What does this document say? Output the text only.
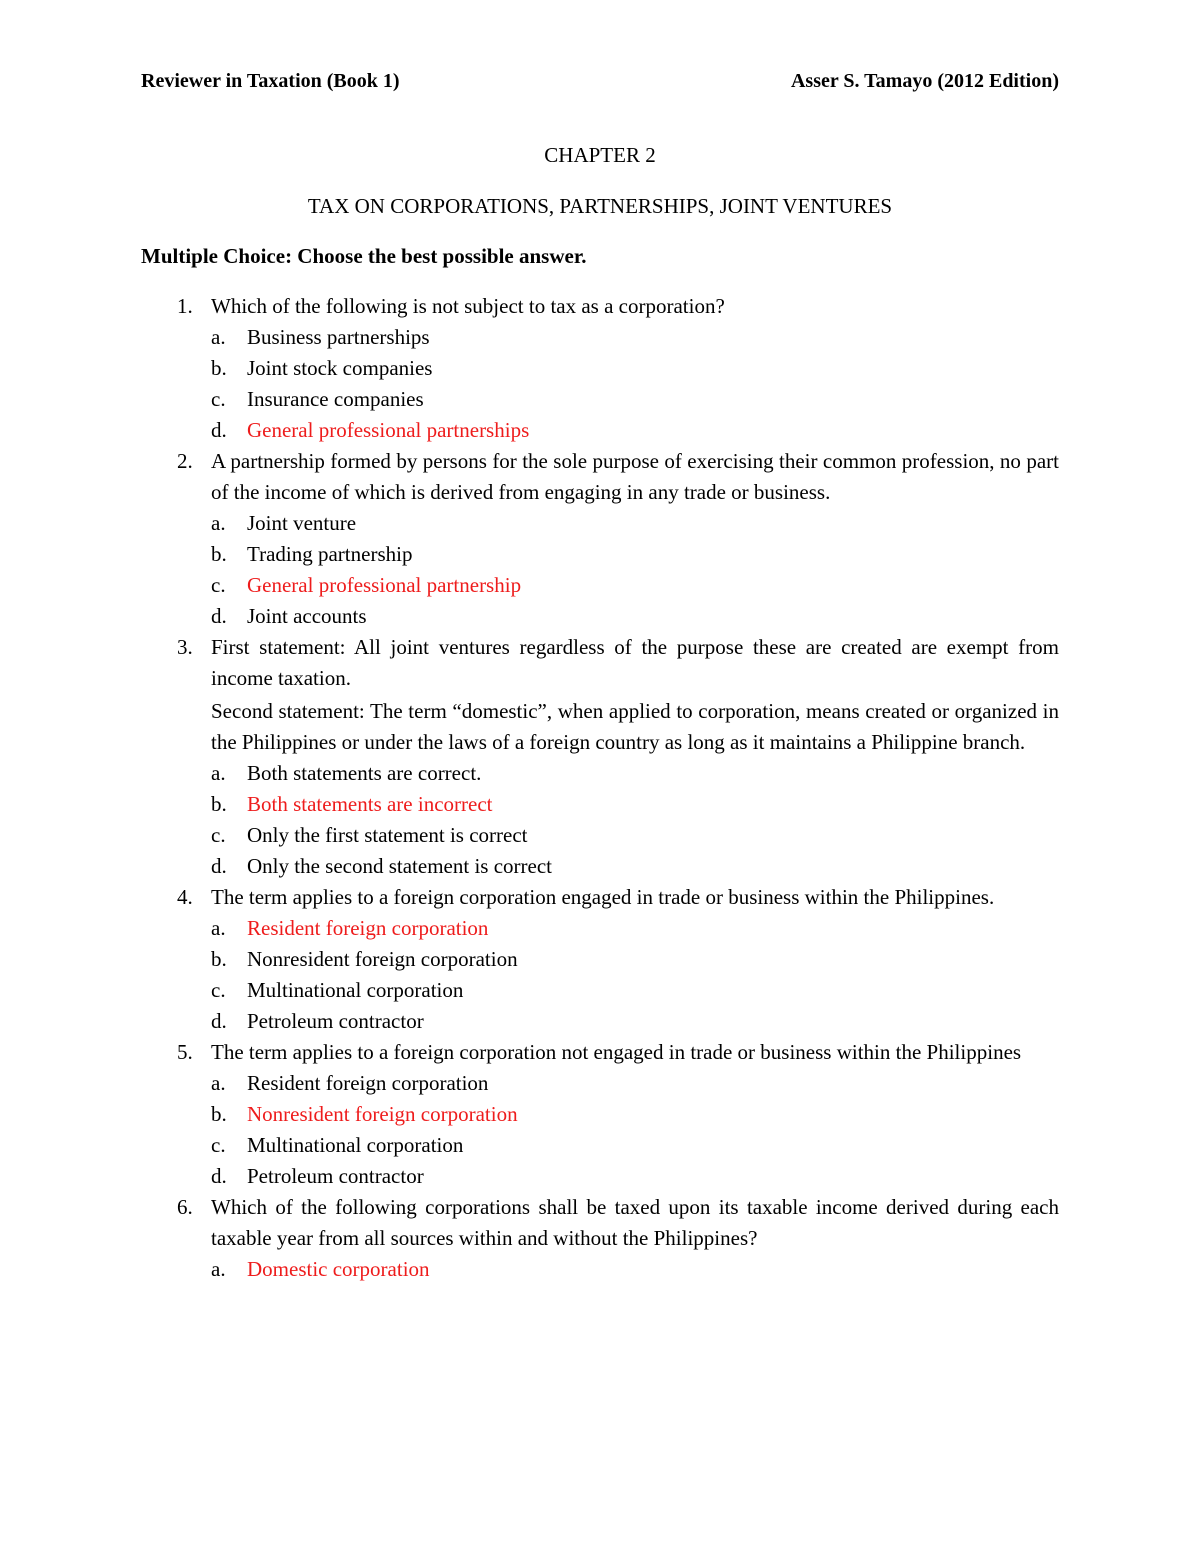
Reviewer in Taxation (Book 1)	Asser S. Tamayo (2012 Edition)

CHAPTER 2

TAX ON CORPORATIONS, PARTNERSHIPS, JOINT VENTURES

Multiple Choice: Choose the best possible answer.

1. Which of the following is not subject to tax as a corporation?

a.	Business partnerships
b. Joint stock companies
c.	Insurance companies
d. General professional partnerships
2. A partnership formed by persons for the sole purpose of exercising their common profession, no part of the income of which is derived from engaging in any trade or business.

a.	Joint venture
b. Trading partnership
c.	General professional partnership
d. Joint accounts
3. First statement: All joint ventures regardless of the purpose these are created are exempt from income taxation.

Second statement: The term “domestic”, when applied to corporation, means created or organized in the Philippines or under the laws of a foreign country as long as it maintains a Philippine branch.

a.	Both statements are correct.
b. Both statements are incorrect
c.	Only the first statement is correct
d. Only the second statement is correct
4. The term applies to a foreign corporation engaged in trade or business within the Philippines.

a.	Resident foreign corporation
b. Nonresident foreign corporation
c.	Multinational corporation
d. Petroleum contractor
5. The term applies to a foreign corporation not engaged in trade or business within the Philippines

a.	Resident foreign corporation
b. Nonresident foreign corporation
c.	Multinational corporation
d. Petroleum contractor
6. Which of the following corporations shall be taxed upon its taxable income derived during each taxable year from all sources within and without the Philippines?

a.	Domestic corporation
